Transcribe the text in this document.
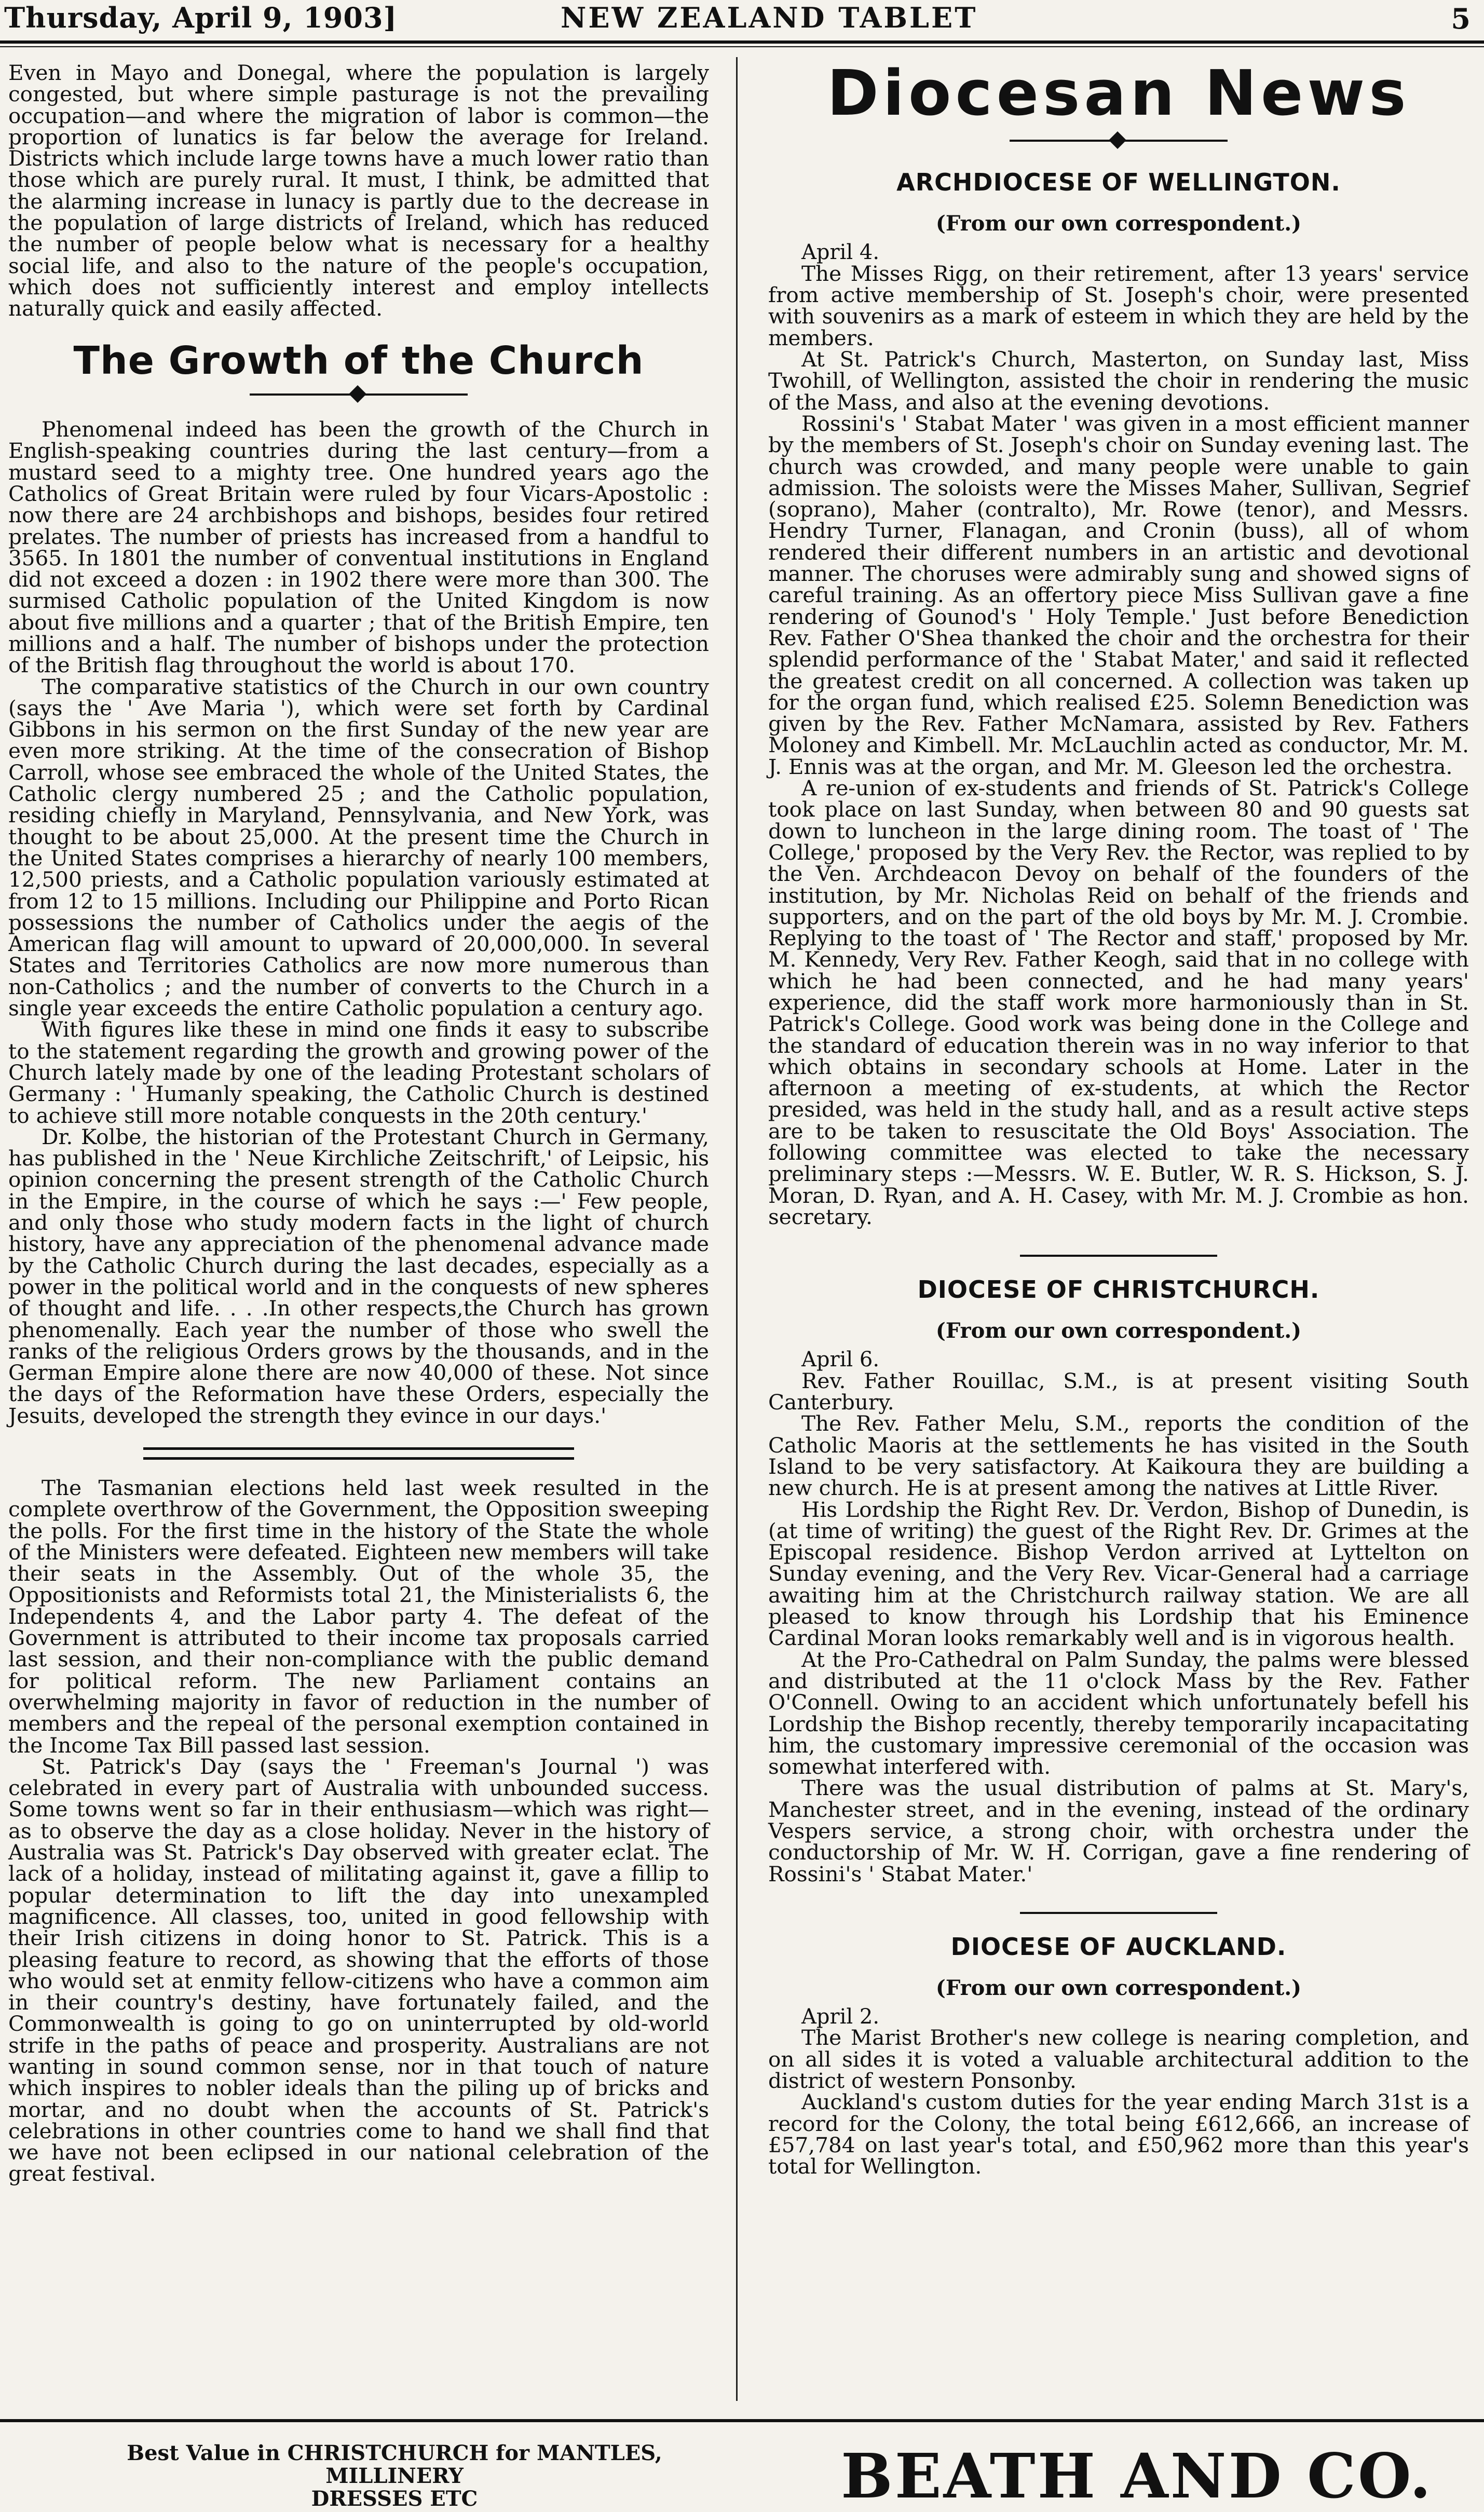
Thursday, April 9, 1903]	NEW ZEALAND TABLET	5

Even in Mayo and Donegal, where the population is largely congested, but where simple pasturage is not the prevailing occupation—and where the migration of labor is common—the proportion of lunatics is far below the average for Ireland. Districts which include large towns have a much lower ratio than those which are purely rural. It must, I think, be admitted that the alarming increase in lunacy is partly due to the decrease in the population of large districts of Ireland, which has reduced the number of people below what is necessary for a healthy social life, and also to the nature of the people's occupation, which does not sufficiently interest and employ intellects naturally quick and easily affected.

The Growth of the Church

Phenomenal indeed has been the growth of the Church in English-speaking countries during the last century—from a mustard seed to a mighty tree. One hundred years ago the Catholics of Great Britain were ruled by four Vicars-Apostolic : now there are 24 archbishops and bishops, besides four retired prelates. The number of priests has increased from a handful to 3565. In 1801 the number of conventual institutions in England did not exceed a dozen : in 1902 there were more than 300. The surmised Catholic population of the United Kingdom is now about five millions and a quarter ; that of the British Empire, ten millions and a half. The number of bishops under the protection of the British flag throughout the world is about 170.

The comparative statistics of the Church in our own country (says the ' Ave Maria '), which were set forth by Cardinal Gibbons in his sermon on the first Sunday of the new year are even more striking. At the time of the consecration of Bishop Carroll, whose see embraced the whole of the United States, the Catholic clergy numbered 25 ; and the Catholic population, residing chiefly in Maryland, Pennsylvania, and New York, was thought to be about 25,000. At the present time the Church in the United States comprises a hierarchy of nearly 100 members, 12,500 priests, and a Catholic population variously estimated at from 12 to 15 millions. Including our Philippine and Porto Rican possessions the number of Catholics under the aegis of the American flag will amount to upward of 20,000,000. In several States and Territories Catholics are now more numerous than non-Catholics ; and the number of converts to the Church in a single year exceeds the entire Catholic population a century ago.

With figures like these in mind one finds it easy to subscribe to the statement regarding the growth and growing power of the Church lately made by one of the leading Protestant scholars of Germany : ' Humanly speaking, the Catholic Church is destined to achieve still more notable conquests in the 20th century.'

Dr. Kolbe, the historian of the Protestant Church in Germany, has published in the ' Neue Kirchliche Zeitschrift,' of Leipsic, his opinion concerning the present strength of the Catholic Church in the Empire, in the course of which he says :—' Few people, and only those who study modern facts in the light of church history, have any appreciation of the phenomenal advance made by the Catholic Church during the last decades, especially as a power in the political world and in the conquests of new spheres of thought and life. . . .In other respects,the Church has grown phenomenally. Each year the number of those who swell the ranks of the religious Orders grows by the thousands, and in the German Empire alone there are now 40,000 of these. Not since the days of the Reformation have these Orders, especially the Jesuits, developed the strength they evince in our days.'

The Tasmanian elections held last week resulted in the complete overthrow of the Government, the Opposition sweeping the polls. For the first time in the history of the State the whole of the Ministers were defeated. Eighteen new members will take their seats in the Assembly. Out of the whole 35, the Oppositionists and Reformists total 21, the Ministerialists 6, the Independents 4, and the Labor party 4. The defeat of the Government is attributed to their income tax proposals carried last session, and their non-compliance with the public demand for political reform. The new Parliament contains an overwhelming majority in favor of reduction in the number of members and the repeal of the personal exemption contained in the Income Tax Bill passed last session.

St. Patrick's Day (says the ' Freeman's Journal ') was celebrated in every part of Australia with unbounded success. Some towns went so far in their enthusiasm—which was right—as to observe the day as a close holiday. Never in the history of Australia was St. Patrick's Day observed with greater eclat. The lack of a holiday, instead of militating against it, gave a fillip to popular determination to lift the day into unexampled magnificence. All classes, too, united in good fellowship with their Irish citizens in doing honor to St. Patrick. This is a pleasing feature to record, as showing that the efforts of those who would set at enmity fellow-citizens who have a common aim in their country's destiny, have fortunately failed, and the Commonwealth is going to go on uninterrupted by old-world strife in the paths of peace and prosperity. Australians are not wanting in sound common sense, nor in that touch of nature which inspires to nobler ideals than the piling up of bricks and mortar, and no doubt when the accounts of St. Patrick's celebrations in other countries come to hand we shall find that we have not been eclipsed in our national celebration of the great festival.

Diocesan News
ARCHDIOCESE OF WELLINGTON.
(From our own correspondent.)

April 4.

The Misses Rigg, on their retirement, after 13 years' service from active membership of St. Joseph's choir, were presented with souvenirs as a mark of esteem in which they are held by the members.

At St. Patrick's Church, Masterton, on Sunday last, Miss Twohill, of Wellington, assisted the choir in rendering the music of the Mass, and also at the evening devotions.

Rossini's ' Stabat Mater ' was given in a most efficient manner by the members of St. Joseph's choir on Sunday evening last. The church was crowded, and many people were unable to gain admission. The soloists were the Misses Maher, Sullivan, Segrief (soprano), Maher (contralto), Mr. Rowe (tenor), and Messrs. Hendry Turner, Flanagan, and Cronin (buss), all of whom rendered their different numbers in an artistic and devotional manner. The choruses were admirably sung and showed signs of careful training. As an offertory piece Miss Sullivan gave a fine rendering of Gounod's ' Holy Temple.' Just before Benediction Rev. Father O'Shea thanked the choir and the orchestra for their splendid performance of the ' Stabat Mater,' and said it reflected the greatest credit on all concerned. A collection was taken up for the organ fund, which realised £25. Solemn Benediction was given by the Rev. Father McNamara, assisted by Rev. Fathers Moloney and Kimbell. Mr. McLauchlin acted as conductor, Mr. M. J. Ennis was at the organ, and Mr. M. Gleeson led the orchestra.

A re-union of ex-students and friends of St. Patrick's College took place on last Sunday, when between 80 and 90 guests sat down to luncheon in the large dining room. The toast of ' The College,' proposed by the Very Rev. the Rector, was replied to by the Ven. Archdeacon Devoy on behalf of the founders of the institution, by Mr. Nicholas Reid on behalf of the friends and supporters, and on the part of the old boys by Mr. M. J. Crombie. Replying to the toast of ' The Rector and staff,' proposed by Mr. M. Kennedy, Very Rev. Father Keogh, said that in no college with which he had been connected, and he had many years' experience, did the staff work more harmoniously than in St. Patrick's College. Good work was being done in the College and the standard of education therein was in no way inferior to that which obtains in secondary schools at Home. Later in the afternoon a meeting of ex-students, at which the Rector presided, was held in the study hall, and as a result active steps are to be taken to resuscitate the Old Boys' Association. The following committee was elected to take the necessary preliminary steps :—Messrs. W. E. Butler, W. R. S. Hickson, S. J. Moran, D. Ryan, and A. H. Casey, with Mr. M. J. Crombie as hon. secretary.

DIOCESE OF CHRISTCHURCH.
(From our own correspondent.)

April 6.

Rev. Father Rouillac, S.M., is at present visiting South Canterbury.

The Rev. Father Melu, S.M., reports the condition of the Catholic Maoris at the settlements he has visited in the South Island to be very satisfactory. At Kaikoura they are building a new church. He is at present among the natives at Little River.

His Lordship the Right Rev. Dr. Verdon, Bishop of Dunedin, is (at time of writing) the guest of the Right Rev. Dr. Grimes at the Episcopal residence. Bishop Verdon arrived at Lyttelton on Sunday evening, and the Very Rev. Vicar-General had a carriage awaiting him at the Christchurch railway station. We are all pleased to know through his Lordship that his Eminence Cardinal Moran looks remarkably well and is in vigorous health.

At the Pro-Cathedral on Palm Sunday, the palms were blessed and distributed at the 11 o'clock Mass by the Rev. Father O'Connell. Owing to an accident which unfortunately befell his Lordship the Bishop recently, thereby temporarily incapacitating him, the customary impressive ceremonial of the occasion was somewhat interfered with.

There was the usual distribution of palms at St. Mary's, Manchester street, and in the evening, instead of the ordinary Vespers service, a strong choir, with orchestra under the conductorship of Mr. W. H. Corrigan, gave a fine rendering of Rossini's ' Stabat Mater.'

DIOCESE OF AUCKLAND.
(From our own correspondent.)

April 2.

The Marist Brother's new college is nearing completion, and on all sides it is voted a valuable architectural addition to the district of western Ponsonby.

Auckland's custom duties for the year ending March 31st is a record for the Colony, the total being £612,666, an increase of £57,784 on last year's total, and £50,962 more than this year's total for Wellington.

Best Value in CHRISTCHURCH for MANTLES, MILLINERY
DRESSES ETC	BEATH AND CO.
